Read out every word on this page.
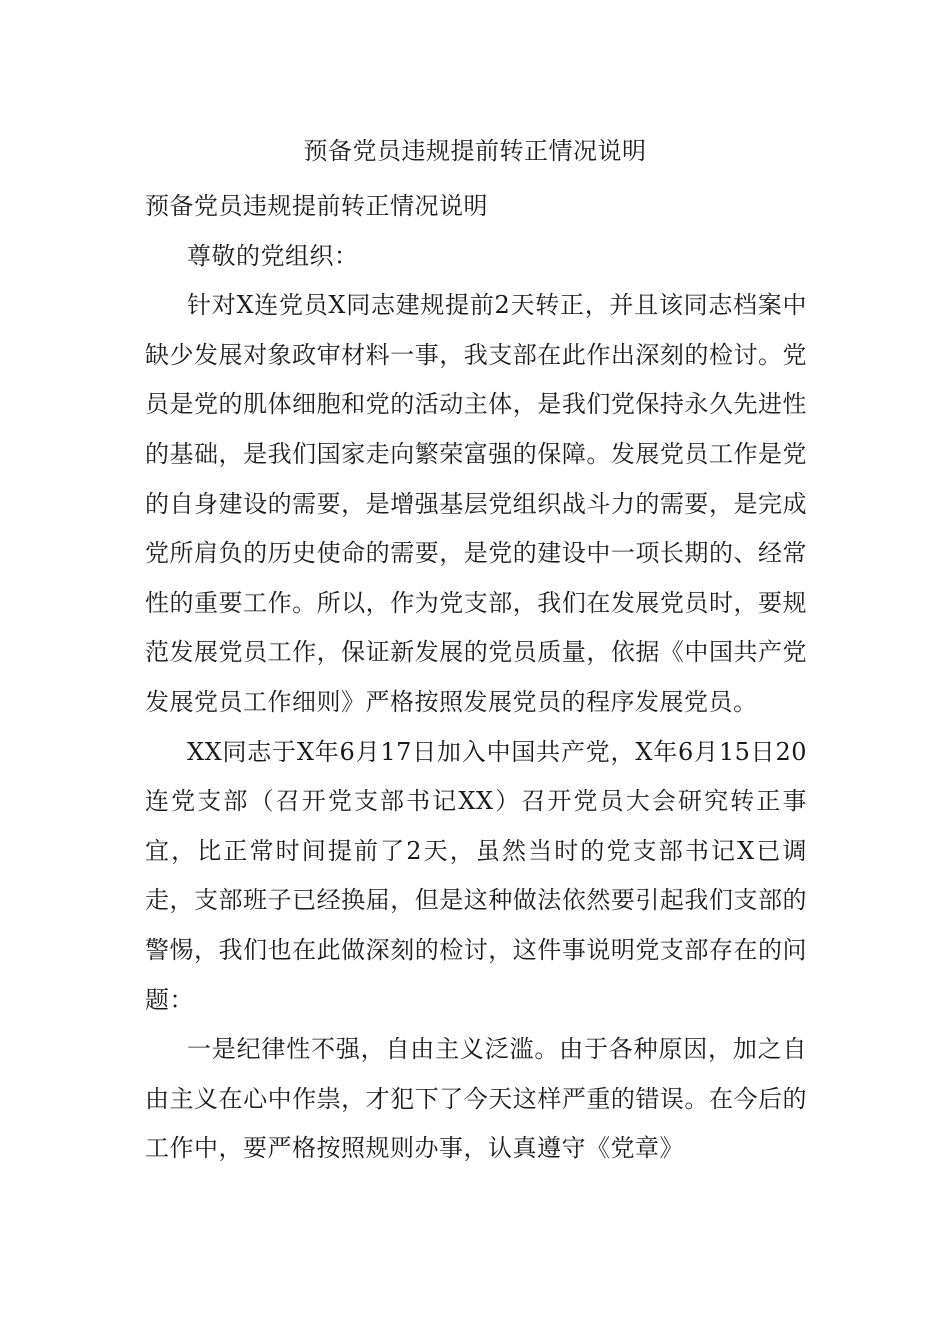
预备党员违规提前转正情况说明

预备党员违规提前转正情况说明

尊敬的党组织：

针对X连党员X同志建规提前2天转正，并且该同志档案中缺少发展对象政审材料一事，我支部在此作出深刻的检讨。党员是党的肌体细胞和党的活动主体，是我们党保持永久先进性的基础，是我们国家走向繁荣富强的保障。发展党员工作是党的自身建设的需要，是增强基层党组织战斗力的需要，是完成党所肩负的历史使命的需要，是党的建设中一项长期的、经常性的重要工作。所以，作为党支部，我们在发展党员时，要规范发展党员工作，保证新发展的党员质量，依据《中国共产党发展党员工作细则》严格按照发展党员的程序发展党员。

XX同志于X年6月17日加入中国共产党，X年6月15日20连党支部（召开党支部书记XX）召开党员大会研究转正事宜，比正常时间提前了2天，虽然当时的党支部书记X已调走，支部班子已经换届，但是这种做法依然要引起我们支部的警惕，我们也在此做深刻的检讨，这件事说明党支部存在的问题：

一是纪律性不强，自由主义泛滥。由于各种原因，加之自由主义在心中作祟，才犯下了今天这样严重的错误。在今后的工作中，要严格按照规则办事，认真遵守《党章》
